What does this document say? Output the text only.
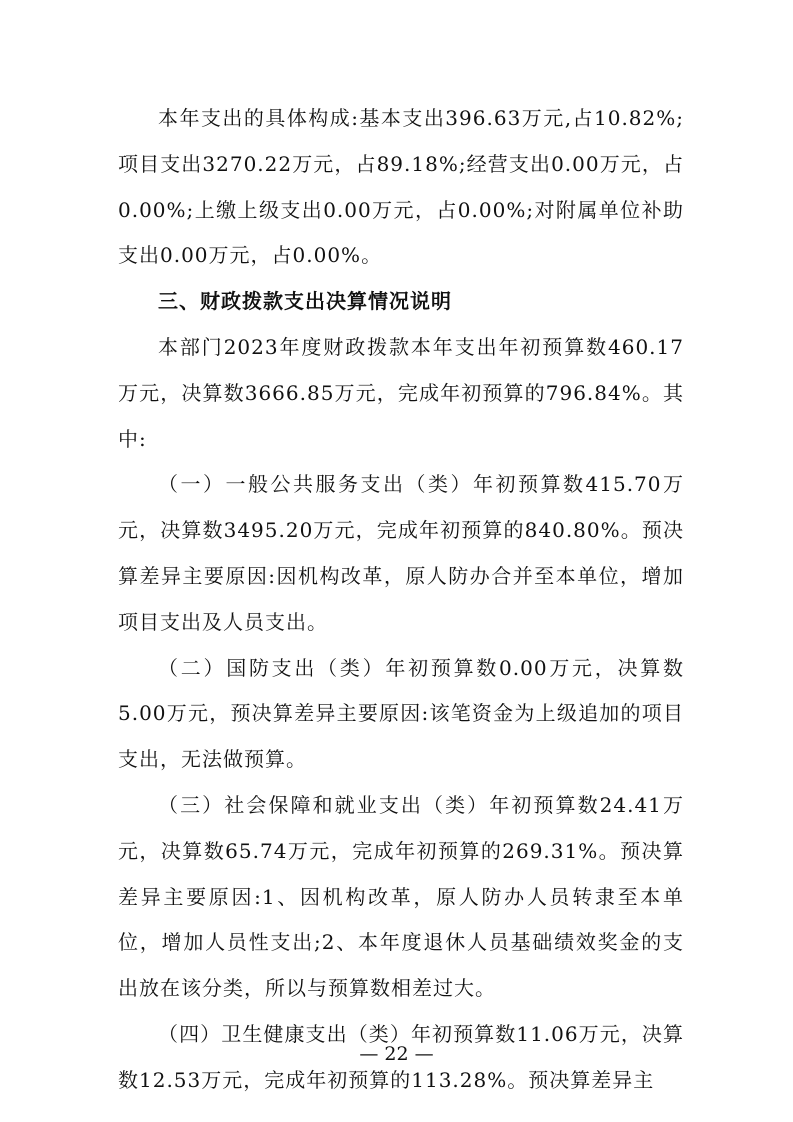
本年支出的具体构成:基本支出396.63万元,占10.82%;项目支出3270.22万元，占89.18%;经营支出0.00万元，占0.00%;上缴上级支出0.00万元，占0.00%;对附属单位补助支出0.00万元，占0.00%。

三、财政拨款支出决算情况说明

本部门2023年度财政拨款本年支出年初预算数460.17万元，决算数3666.85万元，完成年初预算的796.84%。其中:

（一）一般公共服务支出（类）年初预算数415.70万元，决算数3495.20万元，完成年初预算的840.80%。预决算差异主要原因:因机构改革，原人防办合并至本单位，增加项目支出及人员支出。

（二）国防支出（类）年初预算数0.00万元，决算数5.00万元，预决算差异主要原因:该笔资金为上级追加的项目支出，无法做预算。

（三）社会保障和就业支出（类）年初预算数24.41万元，决算数65.74万元，完成年初预算的269.31%。预决算差异主要原因:1、因机构改革，原人防办人员转隶至本单位，增加人员性支出;2、本年度退休人员基础绩效奖金的支出放在该分类，所以与预算数相差过大。

（四）卫生健康支出（类）年初预算数11.06万元，决算数12.53万元，完成年初预算的113.28%。预决算差异主

— 22 —
